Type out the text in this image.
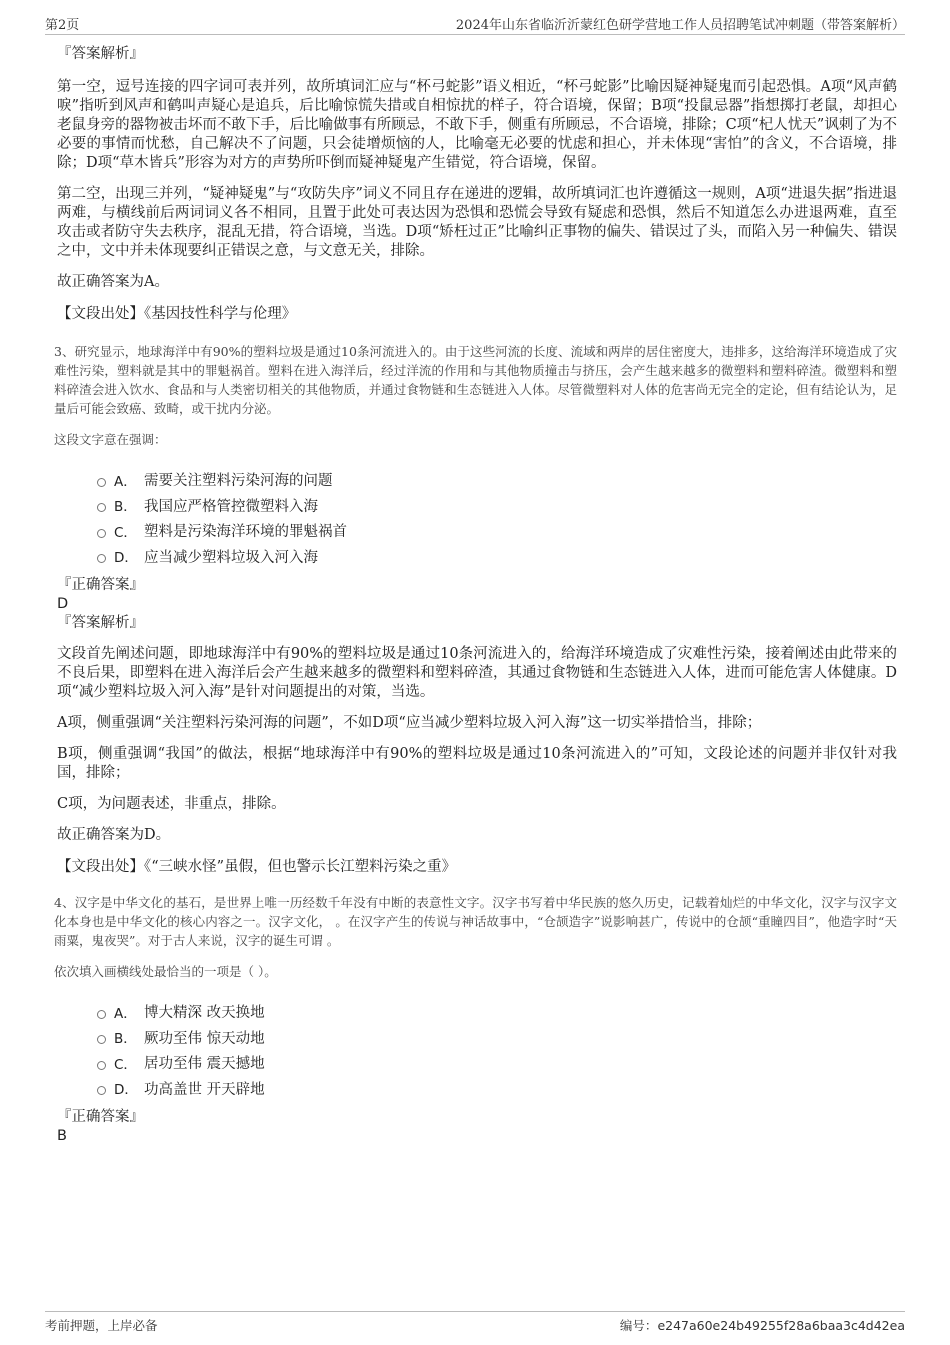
第2页	2024年山东省临沂沂蒙红色研学营地工作人员招聘笔试冲刺题（带答案解析）

『答案解析』

第一空，逗号连接的四字词可表并列，故所填词汇应与“杯弓蛇影”语义相近，“杯弓蛇影”比喻因疑神疑鬼而引起恐惧。A项“风声鹤唳”指听到风声和鹤叫声疑心是追兵，后比喻惊慌失措或自相惊扰的样子，符合语境，保留；B项“投鼠忌器”指想掷打老鼠，却担心老鼠身旁的器物被击坏而不敢下手，后比喻做事有所顾忌，不敢下手，侧重有所顾忌，不合语境，排除；C项“杞人忧天”讽刺了为不必要的事情而忧愁，自己解决不了问题，只会徒增烦恼的人，比喻毫无必要的忧虑和担心，并未体现“害怕”的含义，不合语境，排除；D项“草木皆兵”形容为对方的声势所吓倒而疑神疑鬼产生错觉，符合语境，保留。

第二空，出现三并列，“疑神疑鬼”与“攻防失序”词义不同且存在递进的逻辑，故所填词汇也许遵循这一规则，A项“进退失据”指进退两难，与横线前后两词词义各不相同，且置于此处可表达因为恐惧和恐慌会导致有疑虑和恐惧，然后不知道怎么办进退两难，直至攻击或者防守失去秩序，混乱无措，符合语境，当选。D项“矫枉过正”比喻纠正事物的偏失、错误过了头，而陷入另一种偏失、错误之中，文中并未体现要纠正错误之意，与文意无关，排除。

故正确答案为A。

【文段出处】《基因技性科学与伦理》

3、研究显示，地球海洋中有90%的塑料垃圾是通过10条河流进入的。由于这些河流的长度、流域和两岸的居住密度大，违排多，这给海洋环境造成了灾难性污染，塑料就是其中的罪魁祸首。塑料在进入海洋后，经过洋流的作用和与其他物质撞击与挤压，会产生越来越多的微塑料和塑料碎渣。微塑料和塑料碎渣会进入饮水、食品和与人类密切相关的其他物质，并通过食物链和生态链进入人体。尽管微塑料对人体的危害尚无完全的定论，但有结论认为，足量后可能会致癌、致畸，或干扰内分泌。

这段文字意在强调：

A． 需要关注塑料污染河海的问题
B． 我国应严格管控微塑料入海
C． 塑料是污染海洋环境的罪魁祸首
D． 应当减少塑料垃圾入河入海

『正确答案』

D

『答案解析』

文段首先阐述问题，即地球海洋中有90%的塑料垃圾是通过10条河流进入的，给海洋环境造成了灾难性污染，接着阐述由此带来的不良后果，即塑料在进入海洋后会产生越来越多的微塑料和塑料碎渣，其通过食物链和生态链进入人体，进而可能危害人体健康。D项“减少塑料垃圾入河入海”是针对问题提出的对策，当选。

A项，侧重强调“关注塑料污染河海的问题”，不如D项“应当减少塑料垃圾入河入海”这一切实举措恰当，排除；

B项，侧重强调“我国”的做法，根据“地球海洋中有90%的塑料垃圾是通过10条河流进入的”可知，文段论述的问题并非仅针对我国，排除；

C项，为问题表述，非重点，排除。

故正确答案为D。

【文段出处】《“三峡水怪”虽假，但也警示长江塑料污染之重》

4、汉字是中华文化的基石，是世界上唯一历经数千年没有中断的表意性文字。汉字书写着中华民族的悠久历史，记载着灿烂的中华文化，汉字与汉字文化本身也是中华文化的核心内容之一。汉字文化， 。在汉字产生的传说与神话故事中，“仓颉造字”说影响甚广，传说中的仓颉“重瞳四目”，他造字时“天雨粟，鬼夜哭”。对于古人来说，汉字的诞生可谓 。

依次填入画横线处最恰当的一项是（ ）。

A． 博大精深 改天换地
B． 厥功至伟 惊天动地
C． 居功至伟 震天撼地
D． 功高盖世 开天辟地

『正确答案』

B

考前押题，上岸必备	编号：e247a60e24b49255f28a6baa3c4d42ea
